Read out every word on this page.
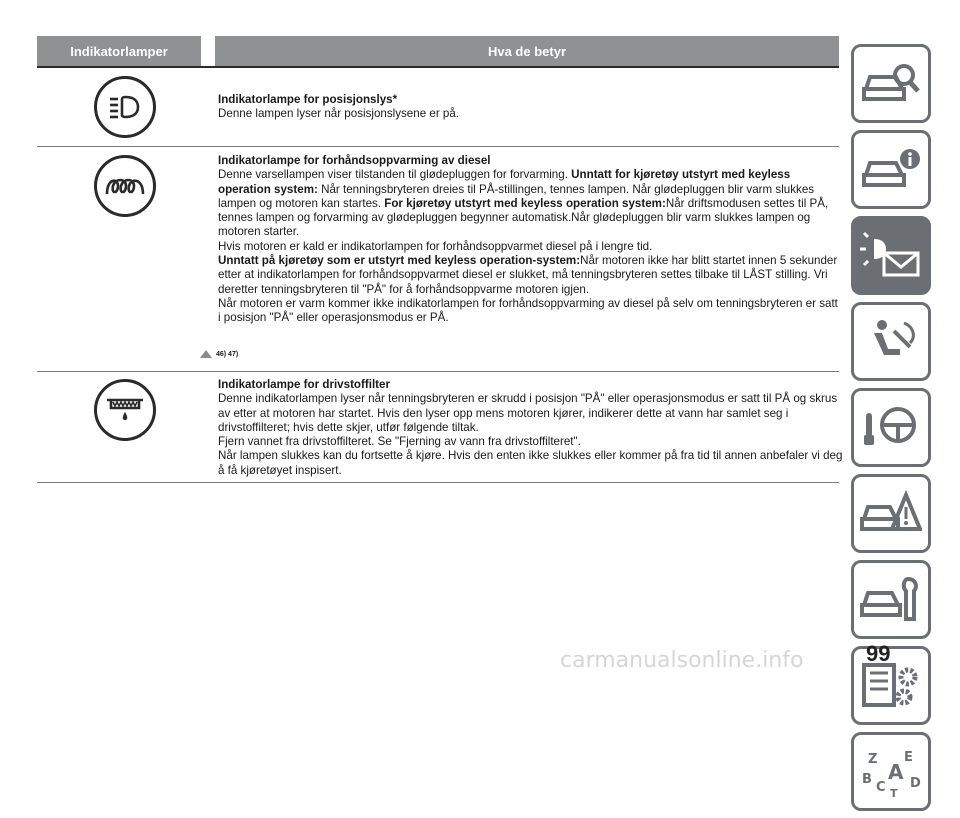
Indikatorlamper	Hva de betyr

Indikatorlampe for posisjonslys*

Denne lampen lyser når posisjonslysene er på.

Indikatorlampe for forhåndsoppvarming av diesel

Denne varsellampen viser tilstanden til glødepluggen for forvarming. Unntatt for kjøretøy utstyrt med keyless operation system: Når tenningsbryteren dreies til PÅ-stillingen, tennes lampen. Når glødepluggen blir varm slukkes lampen og motoren kan startes. For kjøretøy utstyrt med keyless operation system:Når driftsmodusen settes til PÅ, tennes lampen og forvarming av glødepluggen begynner automatisk.Når glødepluggen blir varm slukkes lampen og motoren starter.

Hvis motoren er kald er indikatorlampen for forhåndsoppvarmet diesel på i lengre tid.

Unntatt på kjøretøy som er utstyrt med keyless operation-system:Når motoren ikke har blitt startet innen 5 sekunder etter at indikatorlampen for forhåndsoppvarmet diesel er slukket, må tenningsbryteren settes tilbake til LÅST stilling. Vri deretter tenningsbryteren til "PÅ" for å forhåndsoppvarme motoren igjen.

Når motoren er varm kommer ikke indikatorlampen for forhåndsoppvarming av diesel på selv om tenningsbryteren er satt i posisjon "PÅ" eller operasjonsmodus er PÅ.

46) 47)

Indikatorlampe for drivstoffilter

Denne indikatorlampen lyser når tenningsbryteren er skrudd i posisjon "PÅ" eller operasjonsmodus er satt til PÅ og skrus av etter at motoren har startet. Hvis den lyser opp mens motoren kjører, indikerer dette at vann har samlet seg i drivstoffilteret; hvis dette skjer, utfør følgende tiltak.

Fjern vannet fra drivstoffilteret. Se "Fjerning av vann fra drivstoffilteret".

Når lampen slukkes kan du fortsette å kjøre. Hvis den enten ikke slukkes eller kommer på fra tid til annen anbefaler vi deg å få kjøretøyet inspisert.

Z E
B A D
C T
carmanualsonline.info	99
